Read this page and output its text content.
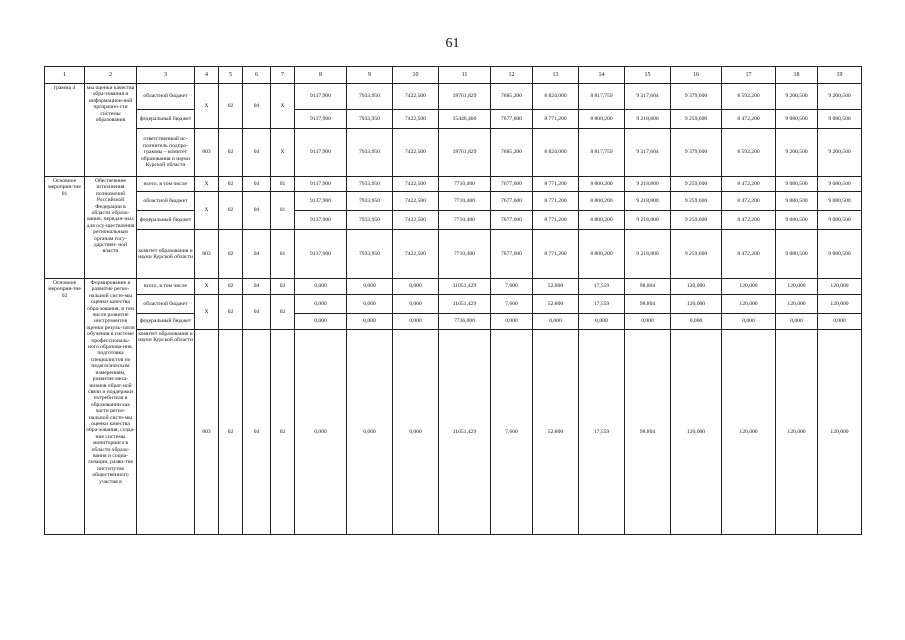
61
1	2	3	4	5	6	7	8	9	10	11	12	13	14	15	16	17	18	19
грамма 4	мы оценки качества обра-зования и информацион-ной прозрачно-сти системы образования	областной бюджет	Х	02	04	Х	9137,900	7933,950	7422,500	18761,829	7685,200	8 824,000	8 817,759	9 317,604	9 379,600	8 592,200	9 200,500	9 200,500
		федеральный бюджет					9137,900	7933,950	7422,500	15446,400	7677,600	8 771,200	8 800,200	9 218,800	9 259,600	8 472,200	9 080,500	9 080,500
		ответственный ис-полнитель подпро-граммы – комитет образования и науки Курской области	803	02	04	Х	9137,900	7933,950	7422,500	18761,829	7685,200	8 824,000	8 817,759	9 317,604	9 379,600	8 592,200	9 200,500	9 200,500
Основное мероприя-тие 01	Обеспечение исполнения полномочий Российской Федерации в области образо-вания, передан-ных для осу-ществления региональным органам госу-дарствен- ной власти	всего, в том числе	Х	02	04	01	9137,900	7933,950	7422,500	7710,400	7677,600	8 771,200	8 800,200	9 218,800	9 259,600	8 472,200	9 080,500	9 080,500
		областной бюджет	Х	02	04	01	9137,900	7933,950	7422,500	7710,400	7677,600	8 771,200	8 800,200	9 218,800	9 259,600	8 472,200	9 080,500	9 080,500
		федеральный бюджет					9137,900	7933,950	7422,500	7710,400	7677,600	8 771,200	8 800,200	9 218,800	9 259,600	8 472,200	9 080,500	9 080,500
		комитет образования и науки Курской области	803	02	04	01	9137,900	7933,950	7422,500	7710,400	7677,600	8 771,200	8 800,200	9 218,800	9 259,600	8 472,200	9 080,500	9 080,500
Основное мероприя-тие 02	Формирование и развитие регио-нальной систе-мы оценки качества обра-зования, в том числе развитие инструментов оценки резуль-татов обучения в системе профессиональ-ного образова-ния, подготовка специалистов по педагогическим измерениям, развитие меха-низмов обрат-ной связи и поддержки потребителя в образовании как части регио-нальной систе-мы оценки качества обра-зования, созда-ние системы мониторинга в области образо-вания и социа-лизации, разви-тие институтов общественного участия в	всего, в том числе	Х	02	04	02	0,000	0,000	0,000	11051,429	7,600	52,800	17,559	98,804	120,000	120,000	120,000	120,000
		областной бюджет	Х	02	04	02	0,000	0,000	0,000	11051,429	7,600	52,800	17,559	98,804	120,000	120,000	120,000	120,000
		федеральный бюджет					0,000	0,000	0,000	7736,000	0,000	0,000	0,000	0,000	0,000	0,000	0,000	0,000
		комитет образования и науки Курской области	803	02	04	02	0,000	0,000	0,000	11051,429	7,600	52,800	17,559	98,804	120,000	120,000	120,000	120,000
